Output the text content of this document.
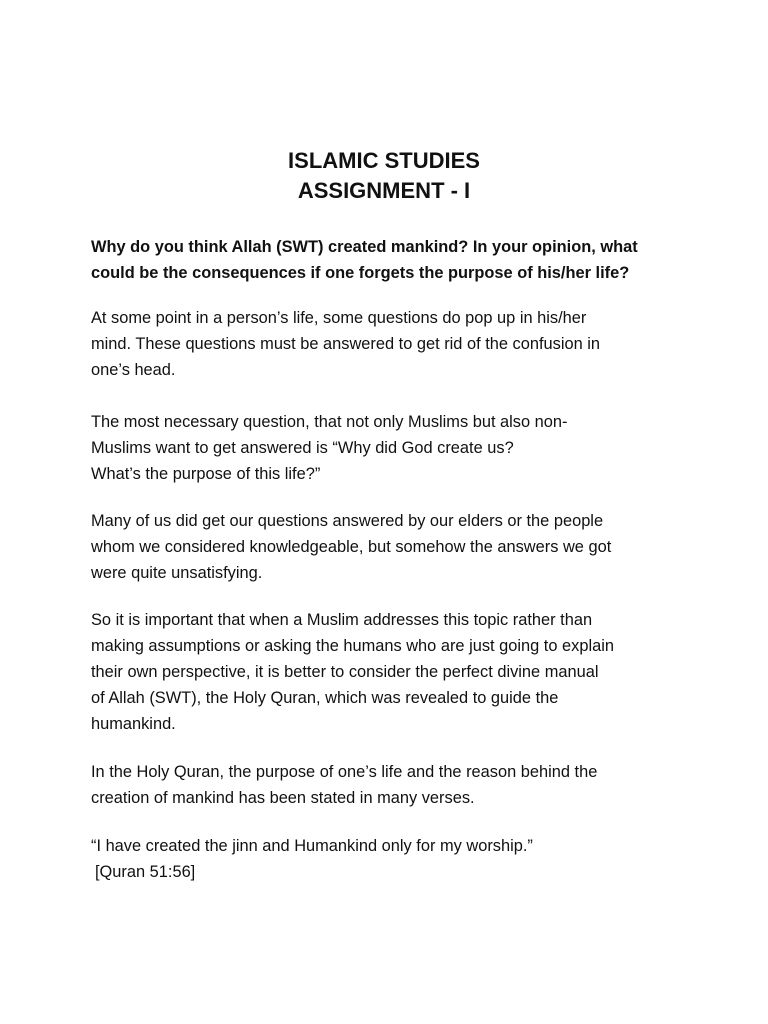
ISLAMIC STUDIES
ASSIGNMENT - I
Why do you think Allah (SWT) created mankind? In your opinion, what
could be the consequences if one forgets the purpose of his/her life?
At some point in a person’s life, some questions do pop up in his/her
mind. These questions must be answered to get rid of the confusion in
one’s head.
The most necessary question, that not only Muslims but also non-
Muslims want to get answered is “Why did God create us?
What’s the purpose of this life?”
Many of us did get our questions answered by our elders or the people
whom we considered knowledgeable, but somehow the answers we got
were quite unsatisfying.
So it is important that when a Muslim addresses this topic rather than
making assumptions or asking the humans who are just going to explain
their own perspective, it is better to consider the perfect divine manual
of Allah (SWT), the Holy Quran, which was revealed to guide the
humankind.
In the Holy Quran, the purpose of one’s life and the reason behind the
creation of mankind has been stated in many verses.
“I have created the jinn and Humankind only for my worship.”
[Quran 51:56]
